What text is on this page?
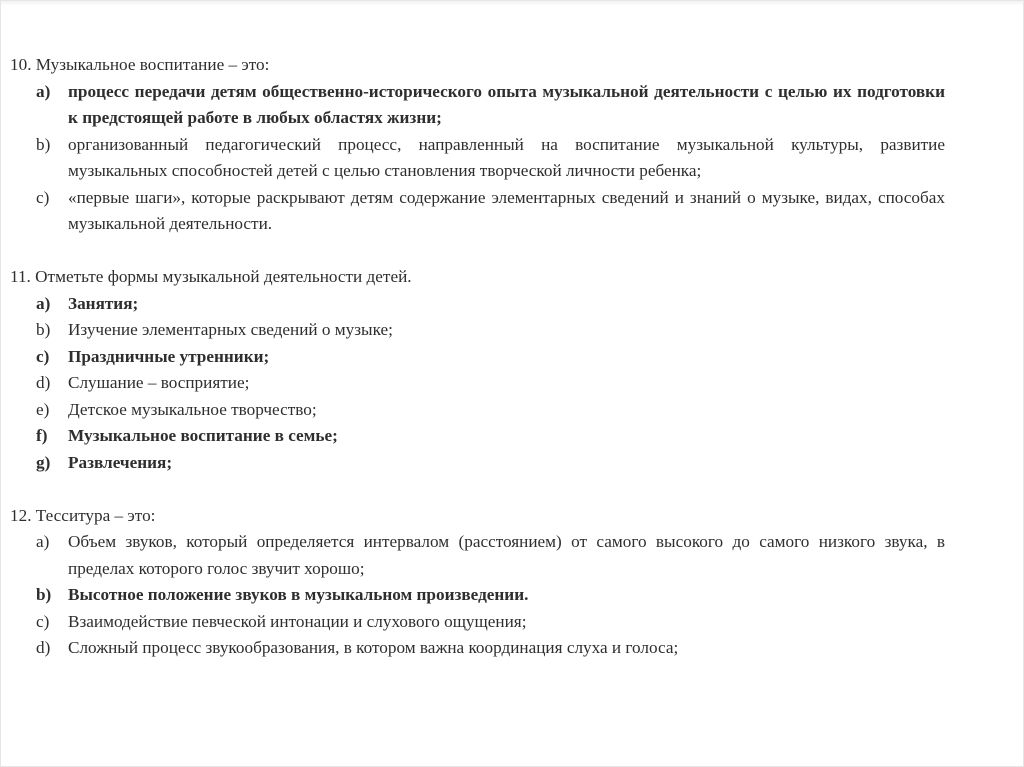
10. Музыкальное воспитание – это:
a)	процесс передачи детям общественно-исторического опыта музыкальной деятельности с целью их подготовки к предстоящей работе в любых областях жизни;
b)	организованный педагогический процесс, направленный на воспитание музыкальной культуры, развитие музыкальных способностей детей с целью становления творческой личности ребенка;
c)	«первые шаги», которые раскрывают детям содержание элементарных сведений и знаний о музыке, видах, способах музыкальной деятельности.
11. Отметьте формы музыкальной деятельности детей.
a)	Занятия;
b)	Изучение элементарных сведений о музыке;
c)	Праздничные утренники;
d)	Слушание – восприятие;
e)	Детское музыкальное творчество;
f)	Музыкальное воспитание в семье;
g)	Развлечения;
12. Тесситура – это:
a)	Объем звуков, который определяется интервалом (расстоянием) от самого высокого до самого низкого звука, в пределах которого голос звучит хорошо;
b) Высотное положение звуков в музыкальном произведении.
c)	Взаимодействие певческой интонации и слухового ощущения;
d)	Сложный процесс звукообразования, в котором важна координация слуха и голоса;
